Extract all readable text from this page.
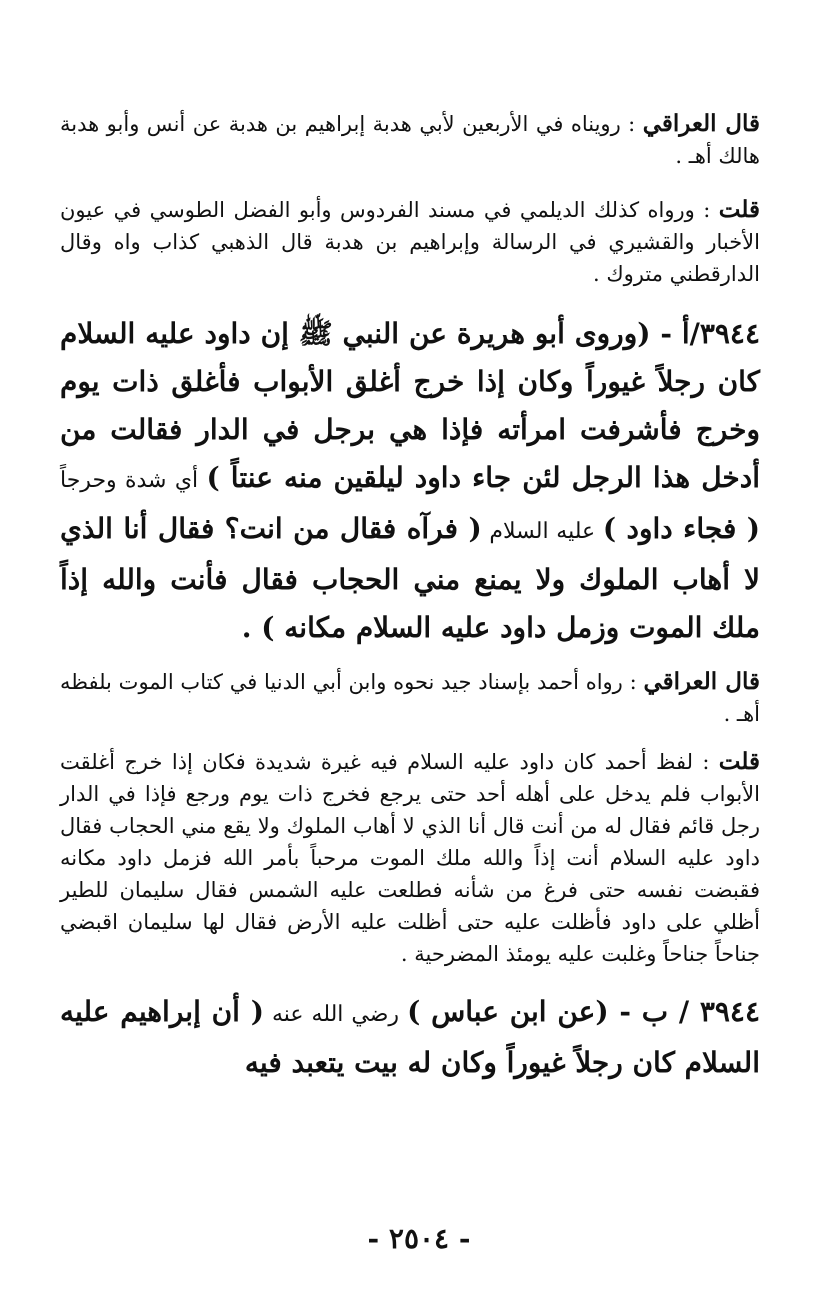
قال العراقي : رويناه في الأربعين لأبي هدبة إبراهيم بن هدبة عن أنس وأبو هدبة هالك أهـ .

قلت : ورواه كذلك الديلمي في مسند الفردوس وأبو الفضل الطوسي في عيون الأخبار والقشيري في الرسالة وإبراهيم بن هدبة قال الذهبي كذاب واه وقال الدارقطني متروك .

٣٩٤٤/أ - (وروى أبو هريرة عن النبي ﷺ إن داود عليه السلام كان رجلاً غيوراً وكان إذا خرج أغلق الأبواب فأغلق ذات يوم وخرج فأشرفت امرأته فإذا هي برجل في الدار فقالت من أدخل هذا الرجل لئن جاء داود ليلقين منه عنتاً ) أي شدة وحرجاً ( فجاء داود ) عليه السلام ( فرآه فقال من انت؟ فقال أنا الذي لا أهاب الملوك ولا يمنع مني الحجاب فقال فأنت والله إذاً ملك الموت وزمل داود عليه السلام مكانه ) .

قال العراقي : رواه أحمد بإسناد جيد نحوه وابن أبي الدنيا في كتاب الموت بلفظه أهـ .

قلت : لفظ أحمد كان داود عليه السلام فيه غيرة شديدة فكان إذا خرج أغلقت الأبواب فلم يدخل على أهله أحد حتى يرجع فخرج ذات يوم ورجع فإذا في الدار رجل قائم فقال له من أنت قال أنا الذي لا أهاب الملوك ولا يقع مني الحجاب فقال داود عليه السلام أنت إذاً والله ملك الموت مرحباً بأمر الله فزمل داود مكانه فقبضت نفسه حتى فرغ من شأنه فطلعت عليه الشمس فقال سليمان للطير أظلي على داود فأظلت عليه حتى أظلت عليه الأرض فقال لها سليمان اقبضي جناحاً جناحاً وغلبت عليه يومئذ المضرحية .

٣٩٤٤ / ب - (عن ابن عباس ) رضي الله عنه ( أن إبراهيم عليه السلام كان رجلاً غيوراً وكان له بيت يتعبد فيه

- ٢٥٠٤ -
